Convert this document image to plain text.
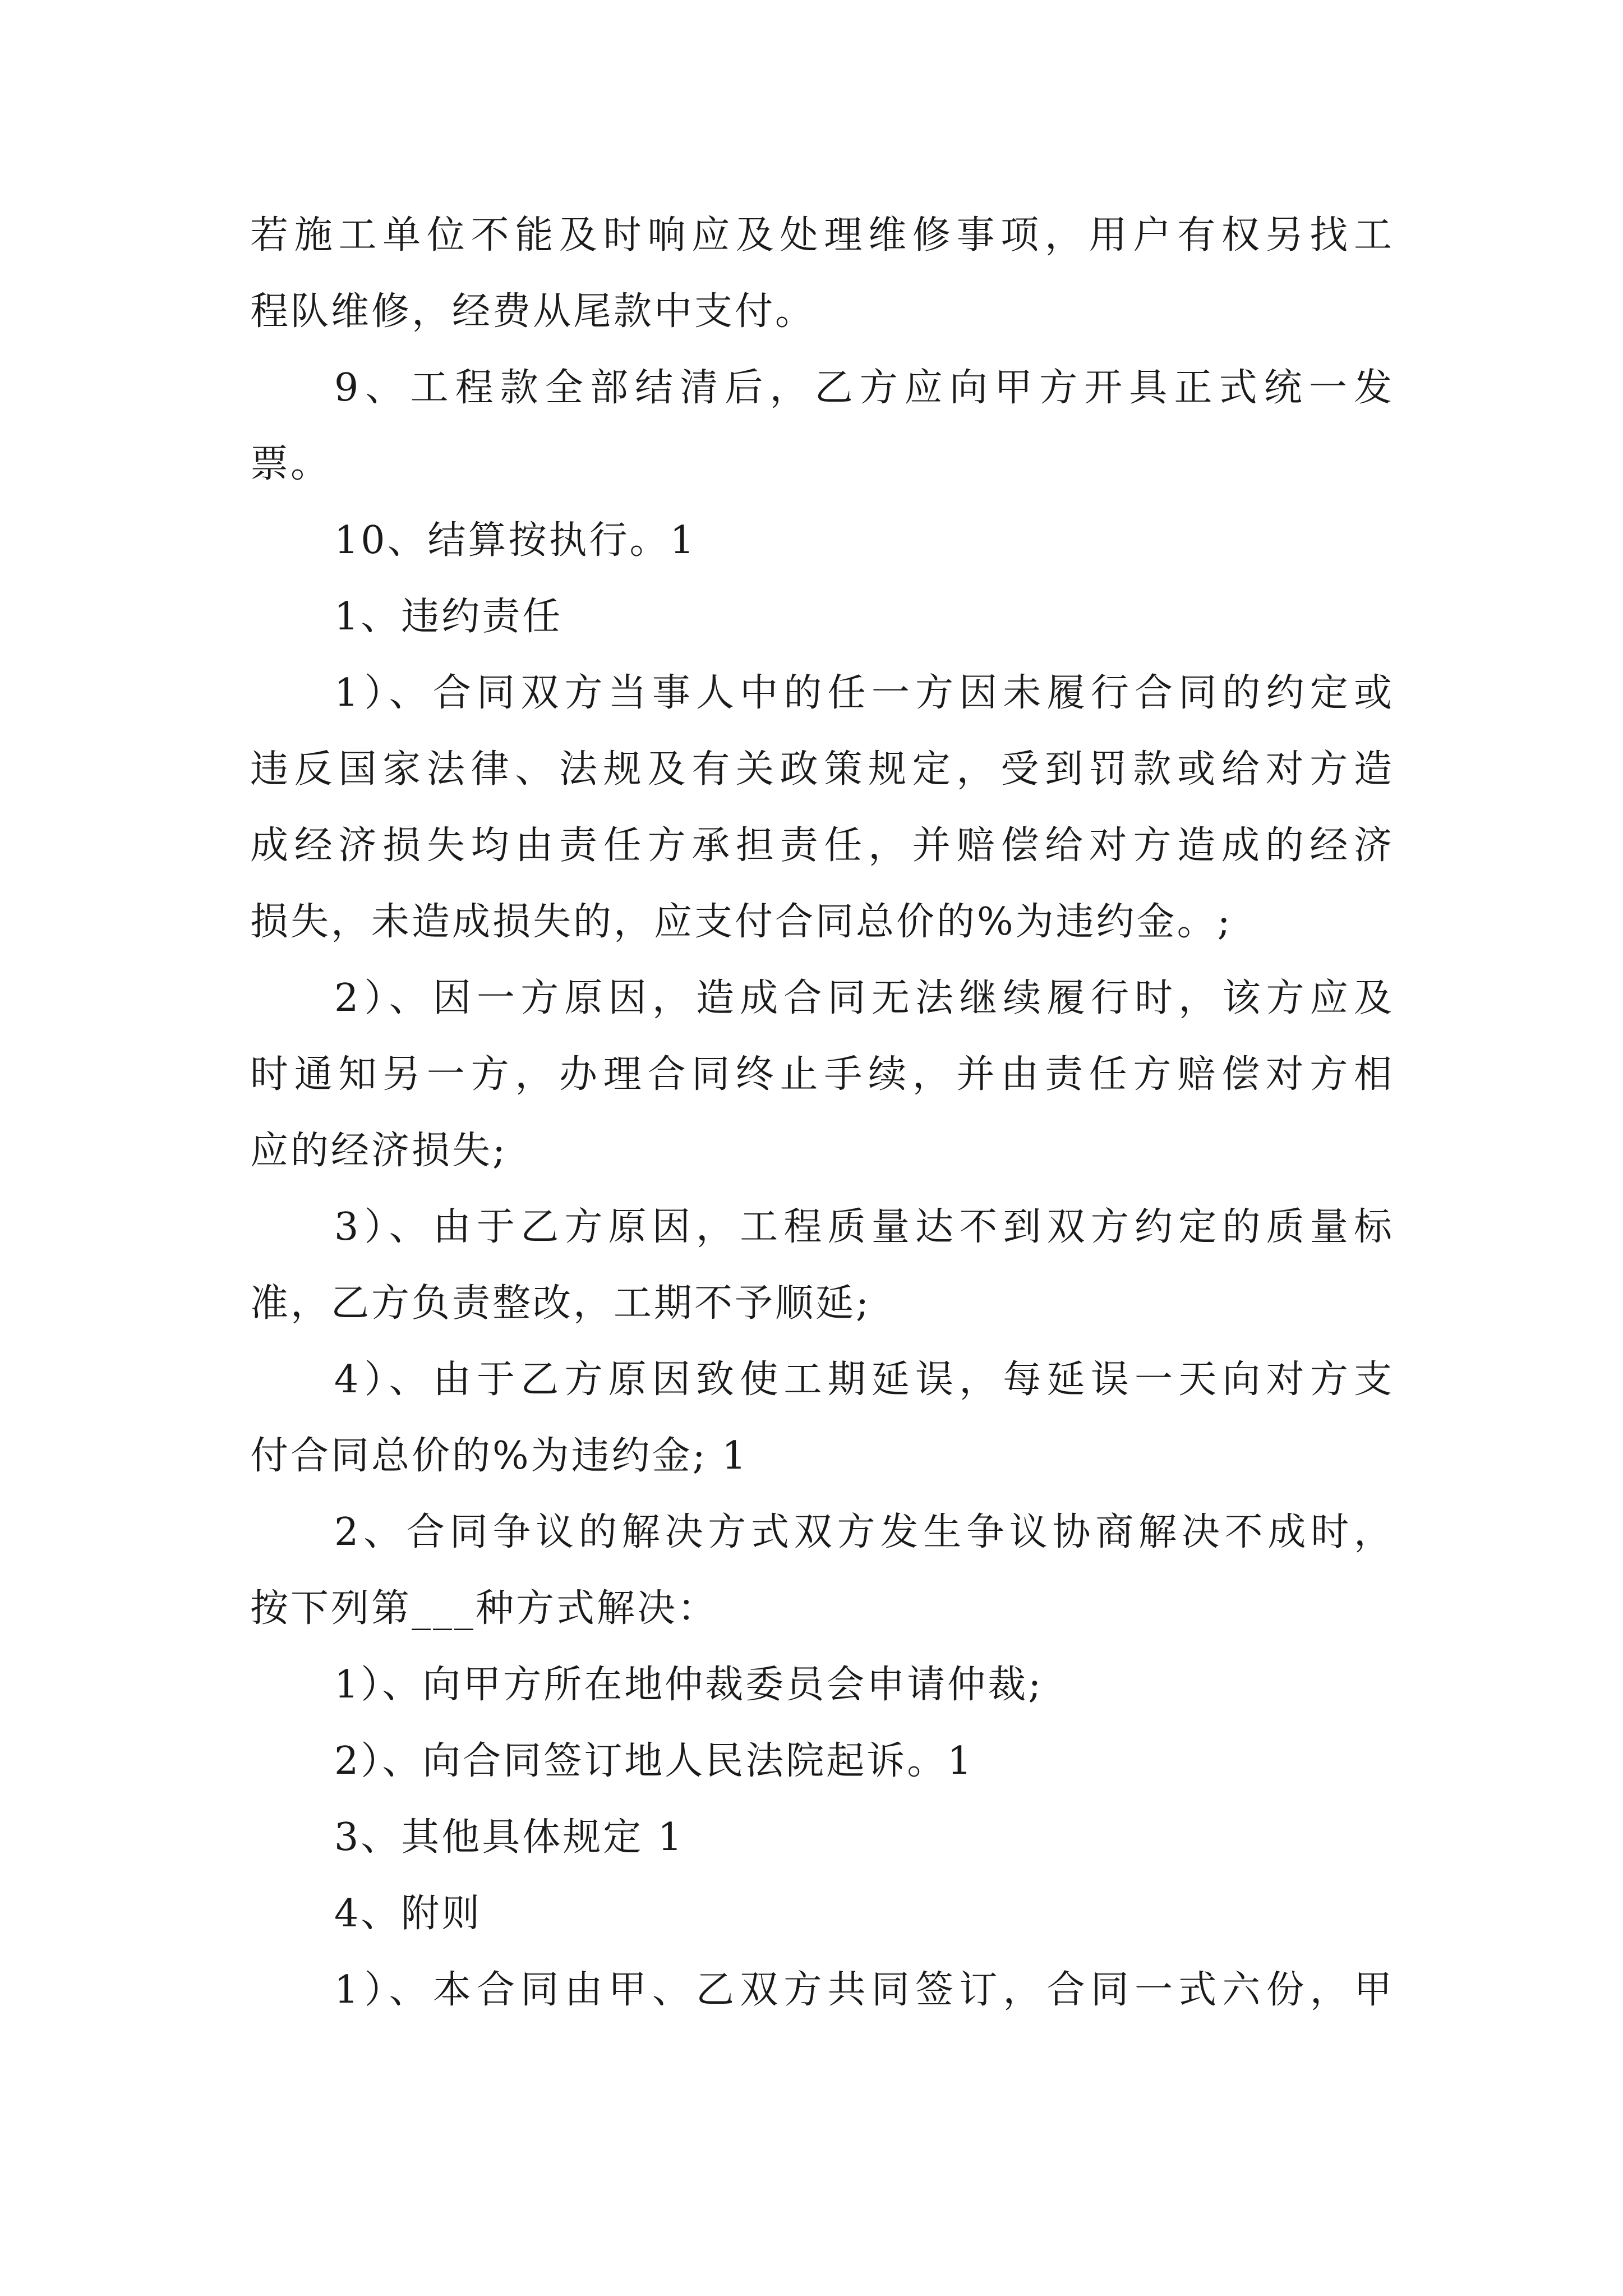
若施工单位不能及时响应及处理维修事项，用户有权另找工
程队维修，经费从尾款中支付。
9、工程款全部结清后，乙方应向甲方开具正式统一发
票。
10、结算按执行。1
1、违约责任
1）、合同双方当事人中的任一方因未履行合同的约定或
违反国家法律、法规及有关政策规定，受到罚款或给对方造
成经济损失均由责任方承担责任，并赔偿给对方造成的经济
损失，未造成损失的，应支付合同总价的%为违约金。;
2）、因一方原因，造成合同无法继续履行时，该方应及
时通知另一方，办理合同终止手续，并由责任方赔偿对方相
应的经济损失;
3）、由于乙方原因，工程质量达不到双方约定的质量标
准，乙方负责整改，工期不予顺延;
4）、由于乙方原因致使工期延误，每延误一天向对方支
付合同总价的%为违约金; 1
2、合同争议的解决方式双方发生争议协商解决不成时，
按下列第___种方式解决：
1）、向甲方所在地仲裁委员会申请仲裁;
2）、向合同签订地人民法院起诉。1
3、其他具体规定 1
4、附则
1）、本合同由甲、乙双方共同签订，合同一式六份，甲
